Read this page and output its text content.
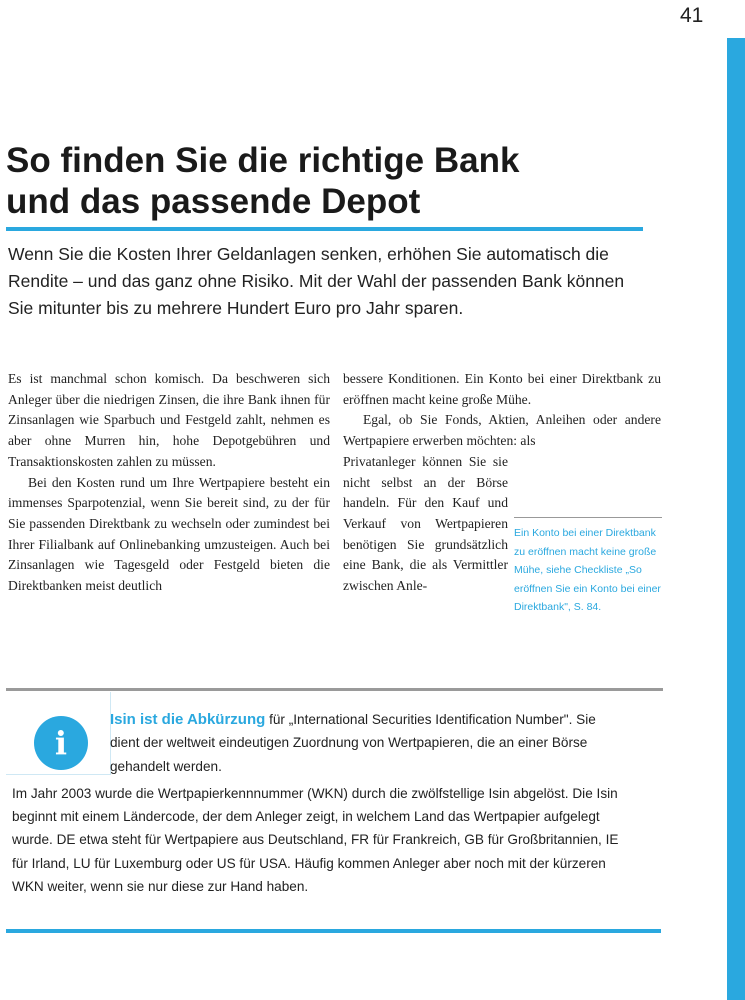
41
So finden Sie die richtige Bank
und das passende Depot

Wenn Sie die Kosten Ihrer Geldanlagen senken, erhöhen Sie automatisch die Rendite – und das ganz ohne Risiko. Mit der Wahl der passenden Bank können Sie mitunter bis zu mehrere Hundert Euro pro Jahr sparen.

Es ist manchmal schon komisch. Da beschweren sich Anleger über die niedrigen Zinsen, die ihre Bank ihnen für Zinsanlagen wie Sparbuch und Festgeld zahlt, nehmen es aber ohne Murren hin, hohe Depotgebühren und Transaktionskosten zahlen zu müssen.

Bei den Kosten rund um Ihre Wertpapiere besteht ein immenses Sparpotenzial, wenn Sie bereit sind, zu der für Sie passenden Direktbank zu wechseln oder zumindest bei Ihrer Filialbank auf Onlinebanking umzusteigen. Auch bei Zinsanlagen wie Tagesgeld oder Festgeld bieten die Direktbanken meist deutlich

bessere Konditionen. Ein Konto bei einer Direktbank zu eröffnen macht keine große Mühe.

Egal, ob Sie Fonds, Aktien, Anleihen oder andere Wertpapiere erwerben möchten: als

Privatanleger können Sie sie nicht selbst an der Börse handeln. Für den Kauf und Verkauf von Wertpapieren benötigen Sie grundsätzlich eine Bank, die als Vermittler zwischen Anle-

Ein Konto bei einer Direktbank zu eröffnen macht keine große Mühe, siehe Checkliste „So eröffnen Sie ein Konto bei einer Direktbank", S. 84.

i

Isin ist die Abkürzung für „International Securities Identification Number". Sie dient der weltweit eindeutigen Zuordnung von Wertpapieren, die an einer Börse gehandelt werden.

Im Jahr 2003 wurde die Wertpapierkennnummer (WKN) durch die zwölfstellige Isin abgelöst. Die Isin beginnt mit einem Ländercode, der dem Anleger zeigt, in welchem Land das Wertpapier aufgelegt wurde. DE etwa steht für Wertpapiere aus Deutschland, FR für Frankreich, GB für Großbritannien, IE für Irland, LU für Luxemburg oder US für USA. Häufig kommen Anleger aber noch mit der kürzeren WKN weiter, wenn sie nur diese zur Hand haben.
